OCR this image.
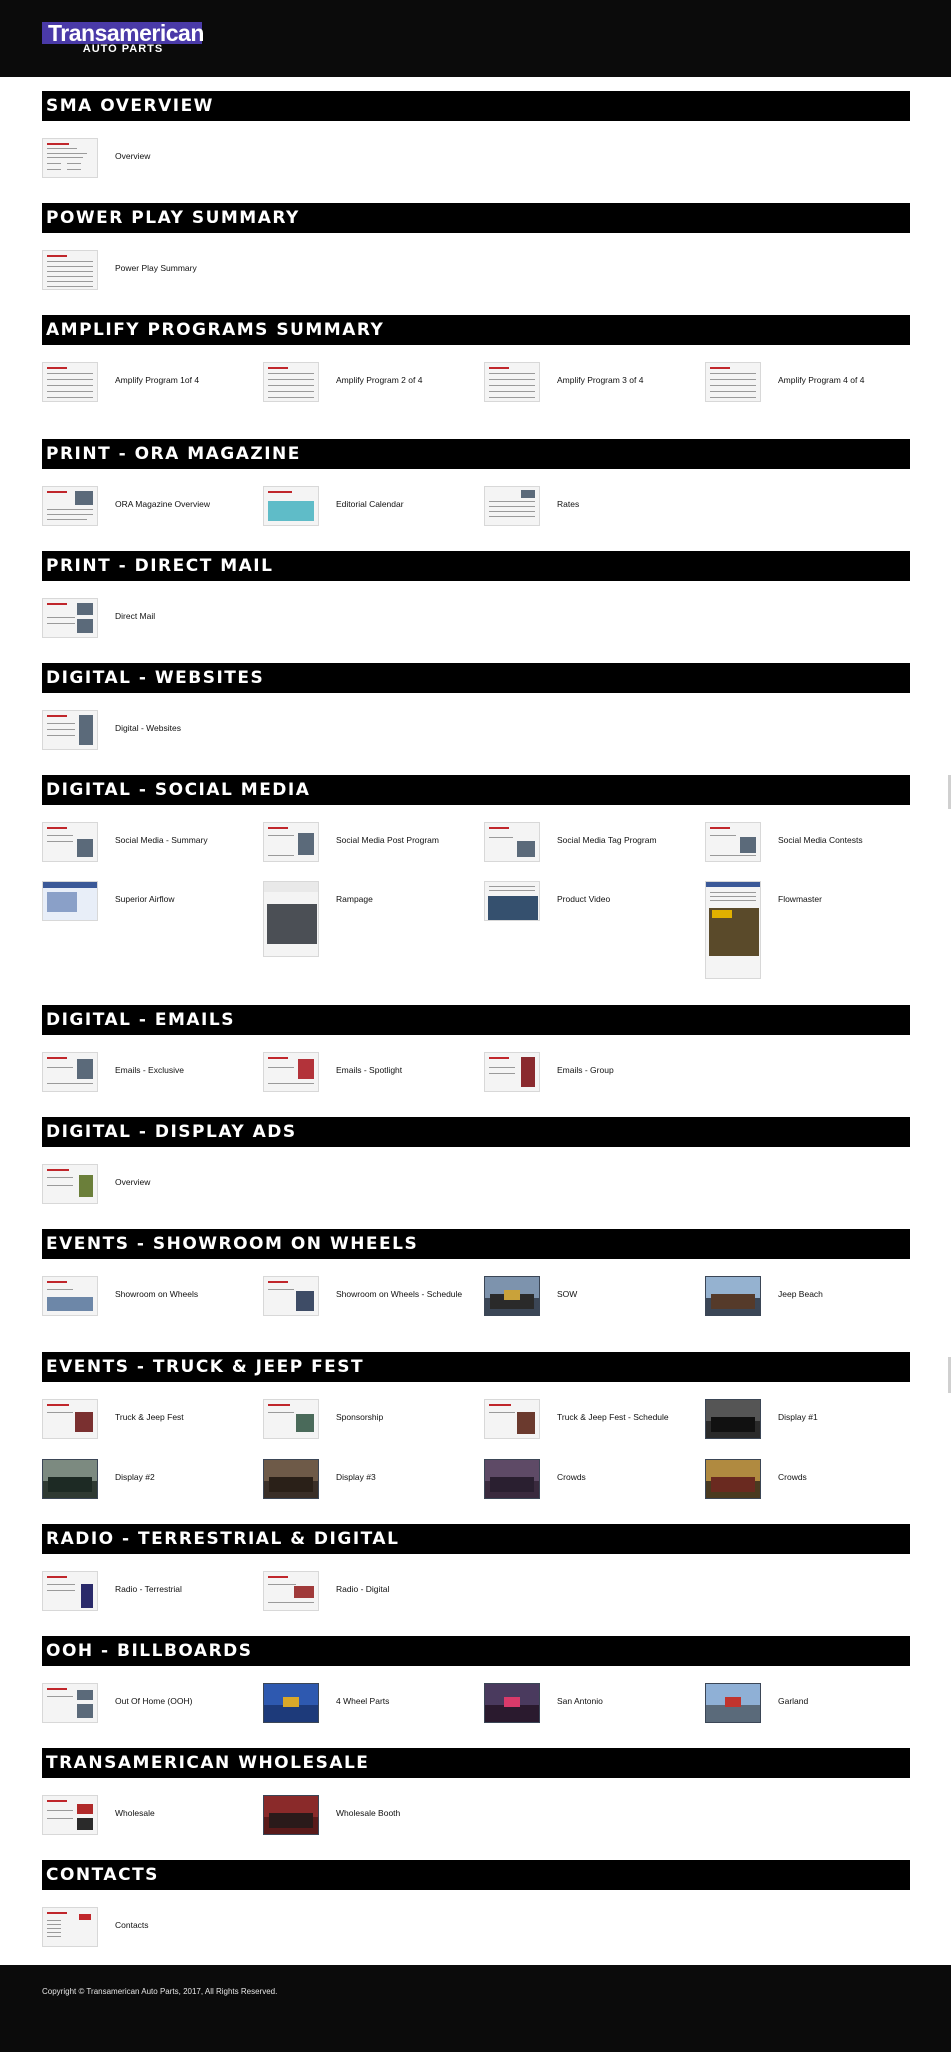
Transamerican
AUTO PARTS
SMA OVERVIEW
Overview
POWER PLAY SUMMARY
Power Play Summary
AMPLIFY PROGRAMS SUMMARY
Amplify Program 1of 4	Amplify Program 2 of 4	Amplify Program 3 of 4	Amplify Program 4 of 4
PRINT - ORA MAGAZINE
ORA Magazine Overview	Editorial Calendar	Rates
PRINT - DIRECT MAIL
Direct Mail
DIGITAL - WEBSITES
Digital - Websites
DIGITAL - SOCIAL MEDIA
Social Media - Summary	Social Media Post Program	Social Media Tag Program	Social Media Contests
Superior Airflow	Rampage	Product Video	Flowmaster
DIGITAL - EMAILS
Emails - Exclusive	Emails - Spotlight	Emails - Group
DIGITAL - DISPLAY ADS
Overview
EVENTS - SHOWROOM ON WHEELS
Showroom on Wheels	Showroom on Wheels - Schedule	SOW	Jeep Beach
EVENTS - TRUCK & JEEP FEST
Truck & Jeep Fest	Sponsorship	Truck & Jeep Fest - Schedule	Display #1
Display #2	Display #3	Crowds	Crowds
RADIO - TERRESTRIAL & DIGITAL
Radio - Terrestrial	Radio - Digital
OOH - BILLBOARDS
Out Of Home (OOH)	4 Wheel Parts	San Antonio	Garland
TRANSAMERICAN WHOLESALE
Wholesale	Wholesale Booth
CONTACTS
Contacts
Copyright © Transamerican Auto Parts, 2017, All Rights Reserved.
